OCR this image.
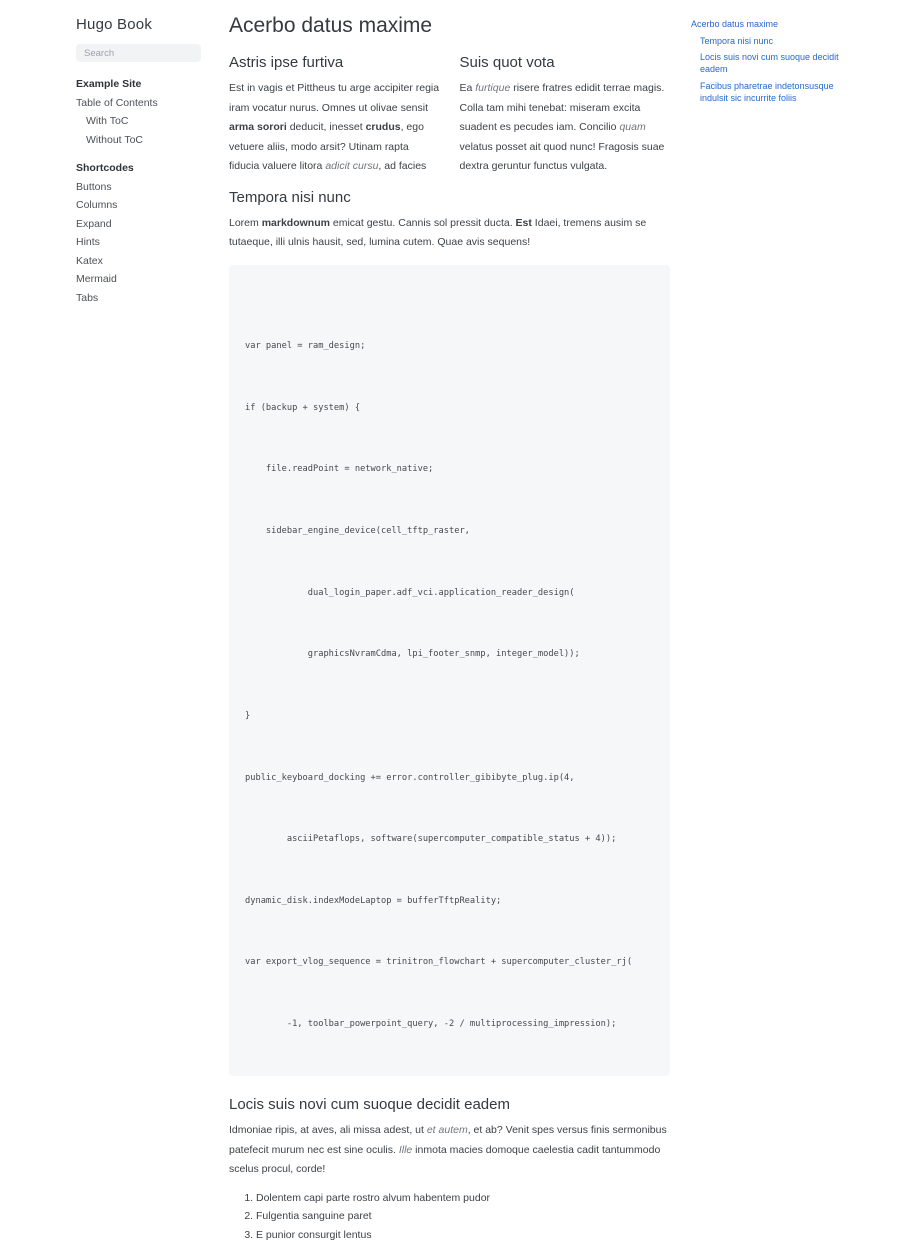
Hugo Book
Search
Example Site
Table of Contents
With ToC
Without ToC
Shortcodes
Buttons
Columns
Expand
Hints
Katex
Mermaid
Tabs
Acerbo datus maxime
Astris ipse furtiva

Est in vagis et Pittheus tu arge accipiter regia iram vocatur nurus. Omnes ut olivae sensit arma sorori deducit, inesset crudus, ego vetuere aliis, modo arsit? Utinam rapta fiducia valuere litora adicit cursu, ad facies

Suis quot vota

Ea furtique risere fratres edidit terrae magis. Colla tam mihi tenebat: miseram excita suadent es pecudes iam. Concilio quam velatus posset ait quod nunc! Fragosis suae dextra geruntur functus vulgata.

Tempora nisi nunc

Lorem markdownum emicat gestu. Cannis sol pressit ducta. Est Idaei, tremens ausim se tutaeque, illi ulnis hausit, sed, lumina cutem. Quae avis sequens!

var panel = ram_design;

if (backup + system) {

file.readPoint = network_native;

sidebar_engine_device(cell_tftp_raster,

dual_login_paper.adf_vci.application_reader_design(

graphicsNvramCdma, lpi_footer_snmp, integer_model));

}

public_keyboard_docking += error.controller_gibibyte_plug.ip(4,

asciiPetaflops, software(supercomputer_compatible_status + 4));

dynamic_disk.indexModeLaptop = bufferTftpReality;

var export_vlog_sequence = trinitron_flowchart + supercomputer_cluster_rj(

-1, toolbar_powerpoint_query, -2 / multiprocessing_impression);

Locis suis novi cum suoque decidit eadem

Idmoniae ripis, at aves, ali missa adest, ut et autem, et ab? Venit spes versus finis sermonibus patefecit murum nec est sine oculis. Ille inmota macies domoque caelestia cadit tantummodo scelus procul, corde!

1. Dolentem capi parte rostro alvum habentem pudor
2. Fulgentia sanguine paret
3. E punior consurgit lentus
Acerbo datus maxime
Tempora nisi nunc
Locis suis novi cum suoque decidit eadem
Facibus pharetrae indetonsusque indulsit sic incurrite foliis
